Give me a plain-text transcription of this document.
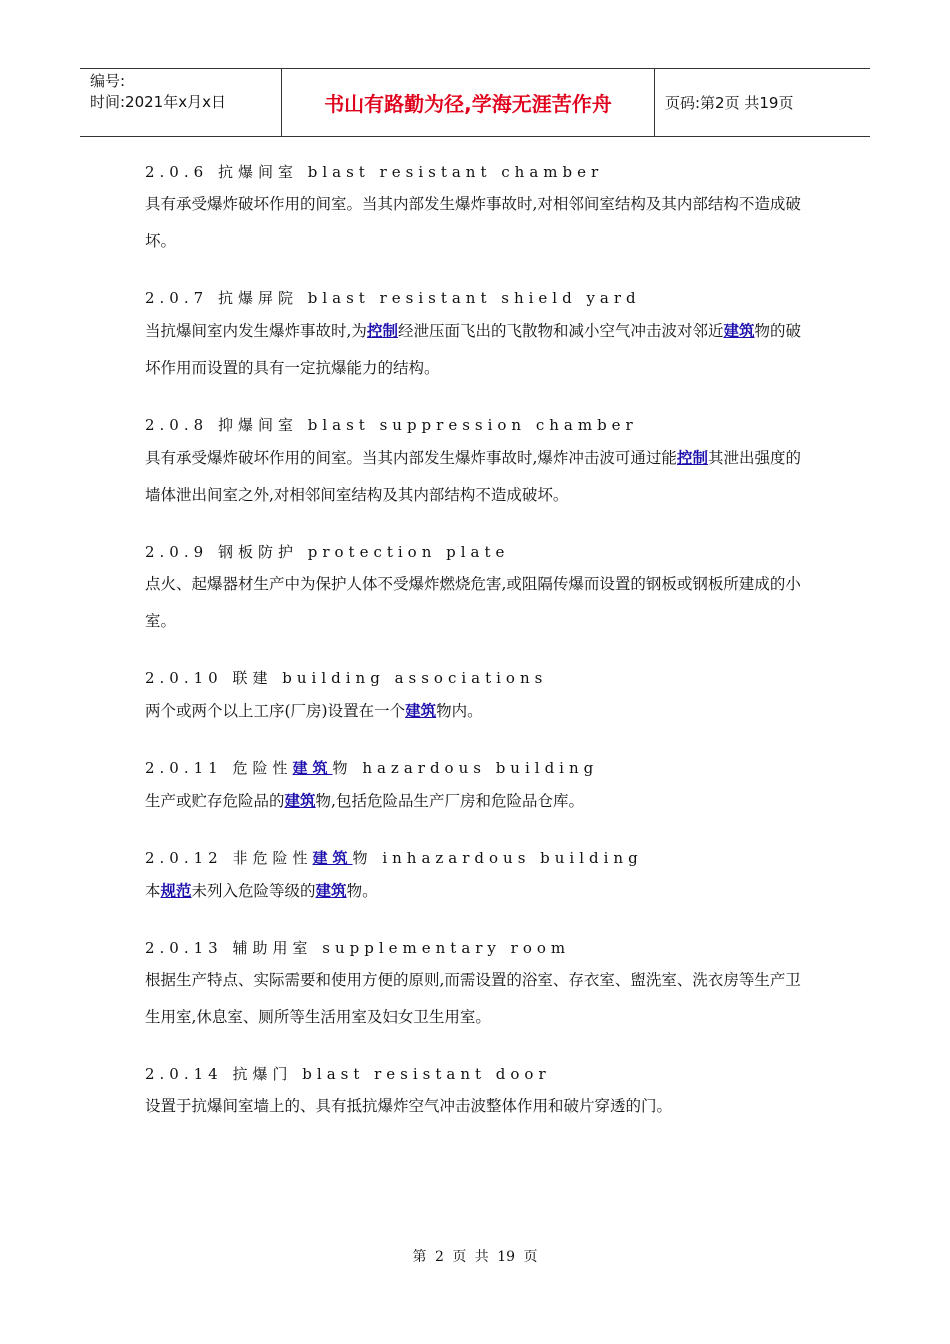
编号:
时间:2021年x月x日	书山有路勤为径,学海无涯苦作舟	页码:第2页 共19页
2.0.6 抗爆间室 blast resistant chamber
具有承受爆炸破坏作用的间室。当其内部发生爆炸事故时,对相邻间室结构及其内部结构不造成破坏。
2.0.7 抗爆屏院 blast resistant shield yard
当抗爆间室内发生爆炸事故时,为控制经泄压面飞出的飞散物和减小空气冲击波对邻近建筑物的破坏作用而设置的具有一定抗爆能力的结构。
2.0.8 抑爆间室 blast suppression chamber
具有承受爆炸破坏作用的间室。当其内部发生爆炸事故时,爆炸冲击波可通过能控制其泄出强度的墙体泄出间室之外,对相邻间室结构及其内部结构不造成破坏。
2.0.9 钢板防护 protection plate
点火、起爆器材生产中为保护人体不受爆炸燃烧危害,或阻隔传爆而设置的钢板或钢板所建成的小室。
2.0.10 联建 building associations
两个或两个以上工序(厂房)设置在一个建筑物内。
2.0.11 危险性建筑物 hazardous building
生产或贮存危险品的建筑物,包括危险品生产厂房和危险品仓库。
2.0.12 非危险性建筑物 inhazardous building
本规范未列入危险等级的建筑物。
2.0.13 辅助用室 supplementary room
根据生产特点、实际需要和使用方便的原则,而需设置的浴室、存衣室、盥洗室、洗衣房等生产卫生用室,休息室、厕所等生活用室及妇女卫生用室。
2.0.14 抗爆门 blast resistant door
设置于抗爆间室墙上的、具有抵抗爆炸空气冲击波整体作用和破片穿透的门。
第 2 页 共 19 页
